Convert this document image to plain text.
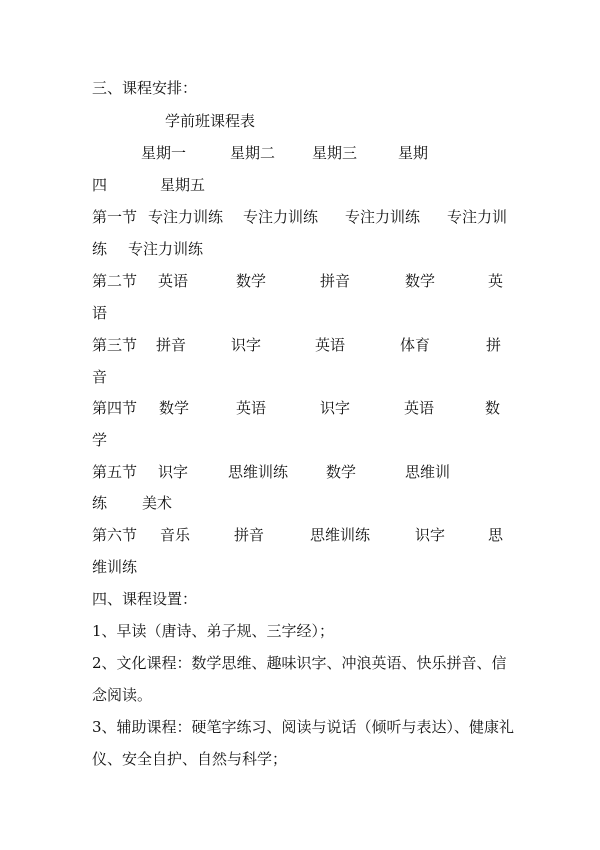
三、课程安排：
学前班课程表
星期一	星期二 星期三	星期
四	星期五
第一节 专注力训练 专注力训练 专注力训练 专注力训
练 专注力训练
第二节 英语	数学	拼音	数学	英
语
第三节 拼音	识字	英语	体育	拼
音
第四节 数学	英语	识字	英语	数
学
第五节 识字	思维训练	数学	思维训
练 美术
第六节 音乐	拼音	思维训练	识字	思
维训练
四、课程设置：
1、早读（唐诗、弟子规、三字经）；
2、文化课程：数学思维、趣味识字、冲浪英语、快乐拼音、信
念阅读。
3、辅助课程：硬笔字练习、阅读与说话（倾听与表达）、健康礼
仪、安全自护、自然与科学；
